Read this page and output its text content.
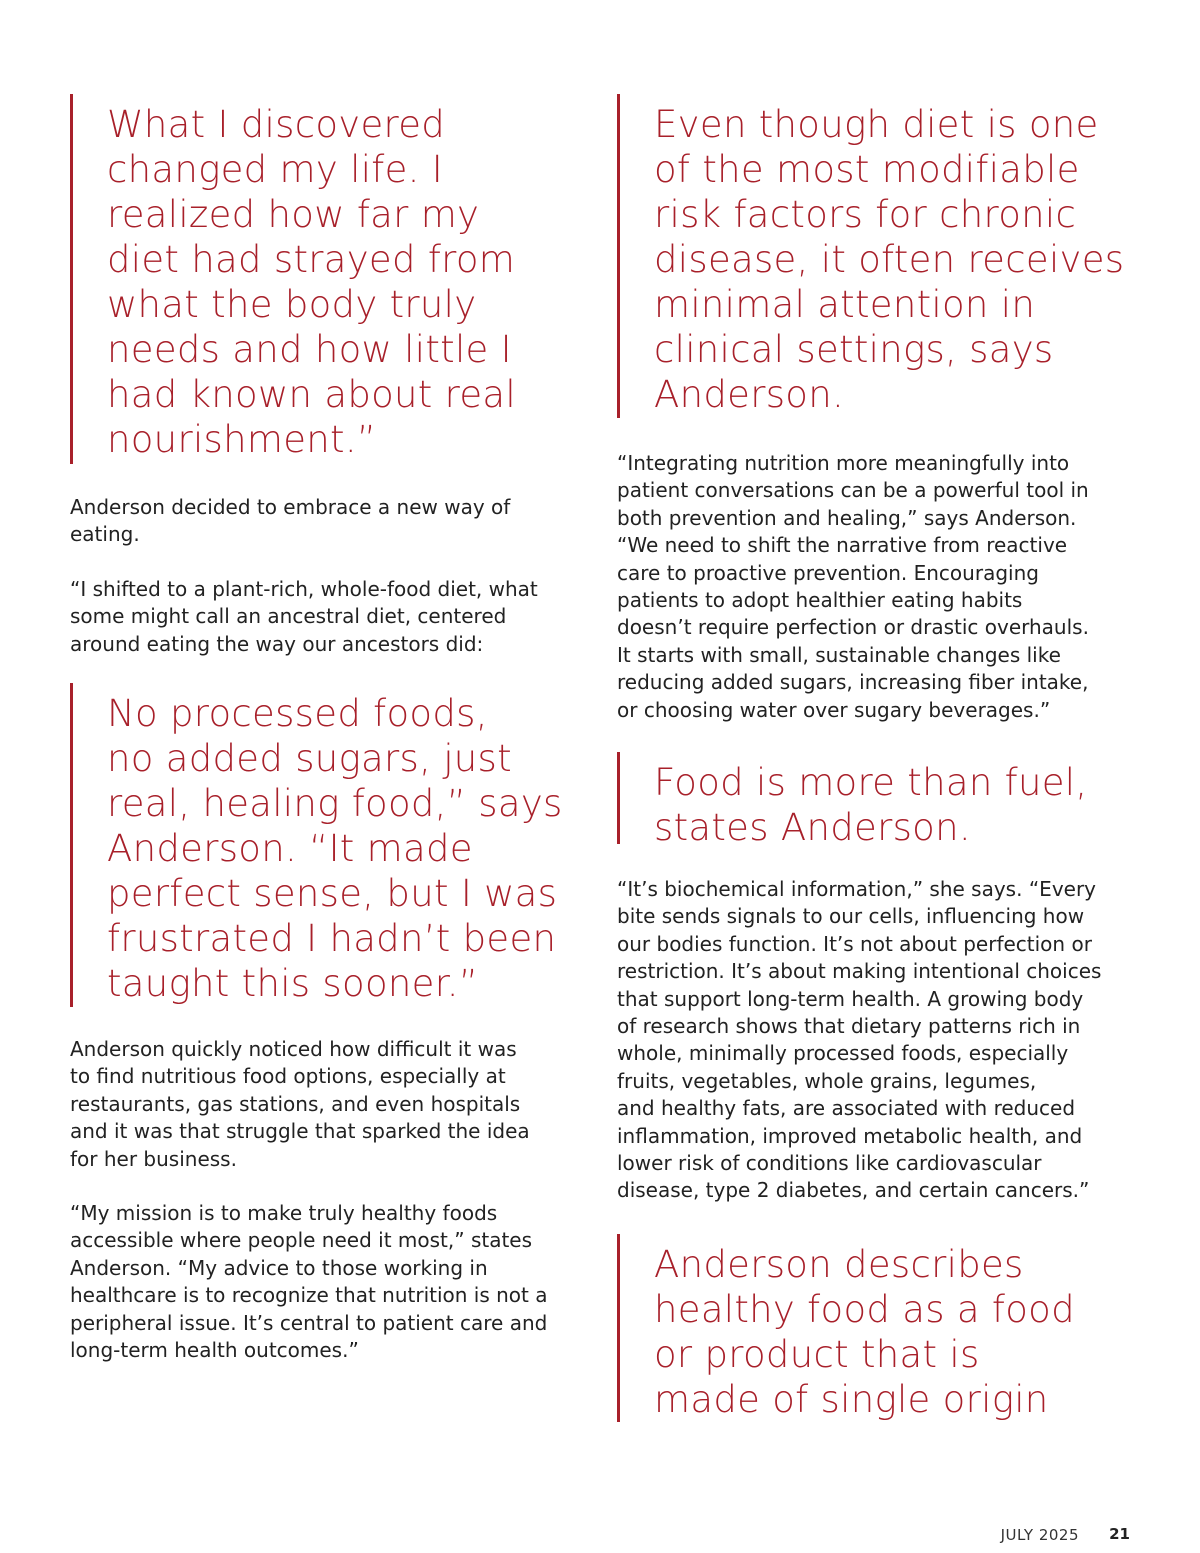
What I discovered
changed my life. I
realized how far my
diet had strayed from
what the body truly
needs and how little I
had known about real
nourishment.”
Anderson decided to embrace a new way of
eating.
“I shifted to a plant-rich, whole-food diet, what
some might call an ancestral diet, centered
around eating the way our ancestors did:
No processed foods,
no added sugars, just
real, healing food,” says
Anderson. “It made
perfect sense, but I was
frustrated I hadn’t been
taught this sooner.”
Anderson quickly noticed how difficult it was
to find nutritious food options, especially at
restaurants, gas stations, and even hospitals
and it was that struggle that sparked the idea
for her business.
“My mission is to make truly healthy foods
accessible where people need it most,” states
Anderson. “My advice to those working in
healthcare is to recognize that nutrition is not a
peripheral issue. It’s central to patient care and
long-term health outcomes.”
Even though diet is one
of the most modifiable
risk factors for chronic
disease, it often receives
minimal attention in
clinical settings, says
Anderson.
“Integrating nutrition more meaningfully into
patient conversations can be a powerful tool in
both prevention and healing,” says Anderson.
“We need to shift the narrative from reactive
care to proactive prevention. Encouraging
patients to adopt healthier eating habits
doesn’t require perfection or drastic overhauls.
It starts with small, sustainable changes like
reducing added sugars, increasing fiber intake,
or choosing water over sugary beverages.”
Food is more than fuel,
states Anderson.
“It’s biochemical information,” she says. “Every
bite sends signals to our cells, influencing how
our bodies function. It’s not about perfection or
restriction. It’s about making intentional choices
that support long-term health. A growing body
of research shows that dietary patterns rich in
whole, minimally processed foods, especially
fruits, vegetables, whole grains, legumes,
and healthy fats, are associated with reduced
inflammation, improved metabolic health, and
lower risk of conditions like cardiovascular
disease, type 2 diabetes, and certain cancers.”
Anderson describes
healthy food as a food
or product that is
made of single origin
JULY 2025 21
